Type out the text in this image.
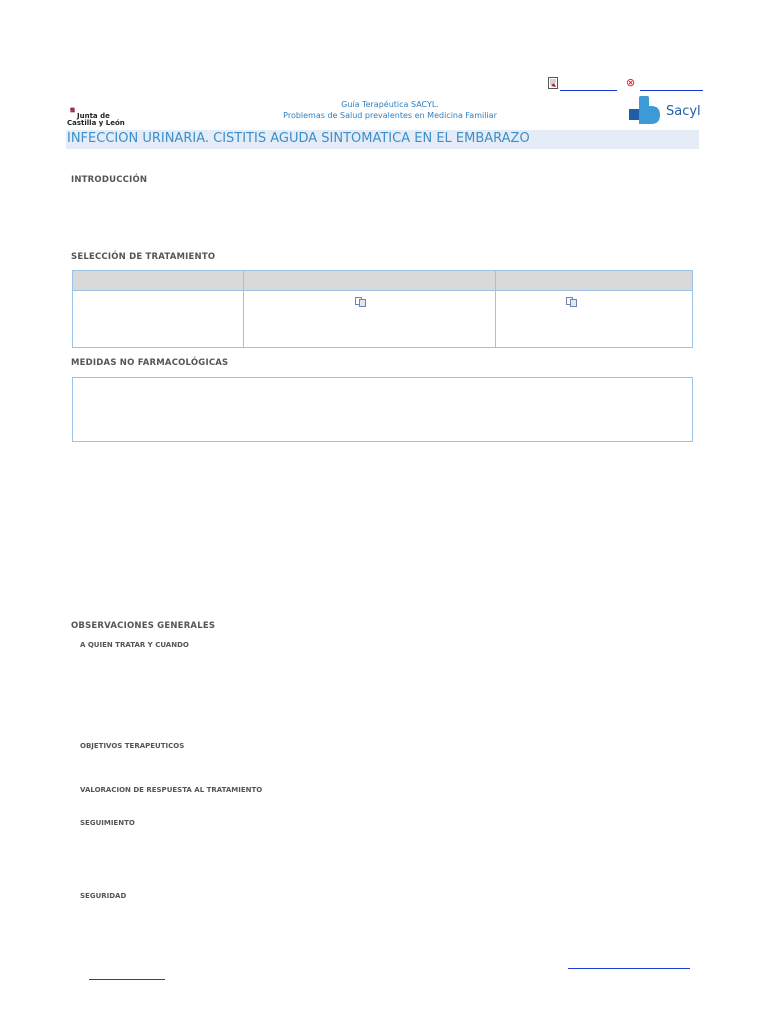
⊗
Junta de
Castilla y León
Guía Terapéutica SACYL.
Problemas de Salud prevalentes en Medicina Familiar	Sacyl
INFECCION URINARIA. CISTITIS AGUDA SINTOMATICA EN EL EMBARAZO
INTRODUCCIÓN
SELECCIÓN DE TRATAMIENTO
MEDIDAS NO FARMACOLÓGICAS
OBSERVACIONES GENERALES
A QUIEN TRATAR Y CUANDO
OBJETIVOS TERAPEUTICOS
VALORACION DE RESPUESTA AL TRATAMIENTO
SEGUIMIENTO
SEGURIDAD
